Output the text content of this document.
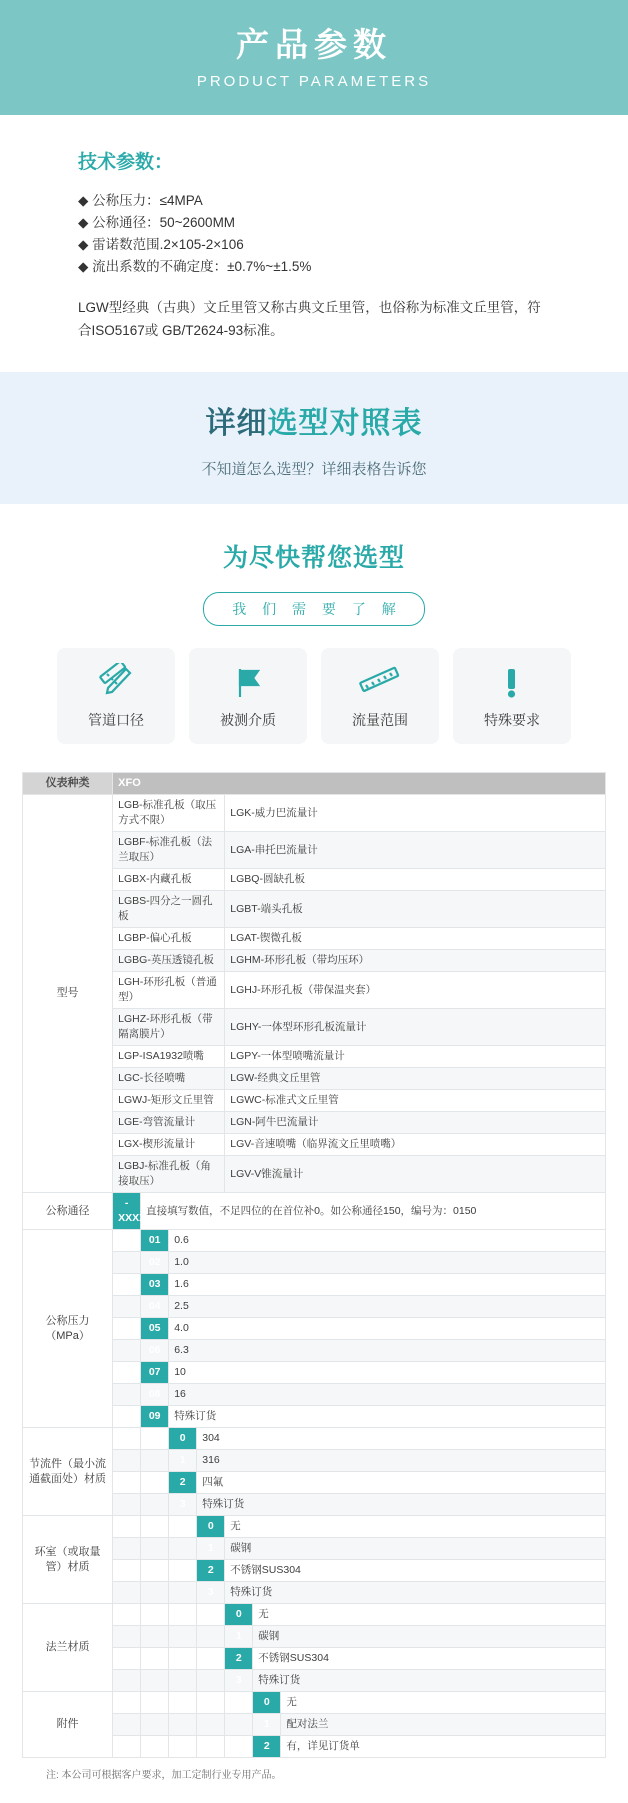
产品参数
PRODUCT PARAMETERS
技术参数：
◆ 公称压力：≤4MPA
◆ 公称通径：50~2600MM
◆ 雷诺数范围.2×105-2×106
◆ 流出系数的不确定度：±0.7%~±1.5%
LGW型经典（古典）文丘里管又称古典文丘里管，也俗称为标准文丘里管，符合ISO5167或 GB/T2624-93标准。
详细选型对照表
不知道怎么选型？详细表格告诉您
为尽快帮您选型
我 们 需 要 了 解
管道口径	被测介质	流量范围	特殊要求
仪表种类	XFO						
型号	LGB-标准孔板（取压方式不限）				LGK-威力巴流量计		
	LGBF-标准孔板（法兰取压）				LGA-串托巴流量计		
	LGBX-内藏孔板				LGBQ-圆缺孔板		
	LGBS-四分之一圆孔板				LGBT-端头孔板		
	LGBP-偏心孔板				LGAT-锲微孔板		
	LGBG-英压透镜孔板				LGHM-环形孔板（带均压环）		
	LGH-环形孔板（普通型）				LGHJ-环形孔板（带保温夹套）		
	LGHZ-环形孔板（带隔离膜片）				LGHY-一体型环形孔板流量计		
	LGP-ISA1932喷嘴				LGPY-一体型喷嘴流量计		
	LGC-长径喷嘴				LGW-经典文丘里管		
	LGWJ-矩形文丘里管				LGWC-标准式文丘里管		
	LGE-弯管流量计				LGN-阿牛巴流量计		
	LGX-楔形流量计				LGV-音速喷嘴（临界流文丘里喷嘴）		
	LGBJ-标准孔板（角接取压）				LGV-V锥流量计		
公称通径	-XXXX	直接填写数值，不足四位的在首位补0。如公称通径150，编号为：0150					
公称压力（MPa）		01	0.6				
		02	1.0				
		03	1.6				
		04	2.5				
		05	4.0				
		06	6.3				
		07	10				
		08	16				
		09	特殊订货				
节流件（最小流通截面处）材质			0	304			
			1	316			
			2	四氟			
			3	特殊订货			
环室（或取量管）材质				0	无		
				1	碳钢		
				2	不锈钢SUS304		
				3	特殊订货		
法兰材质					0	无	
					1	碳钢	
					2	不锈钢SUS304	
					3	特殊订货	
附件						0	无
						1	配对法兰
						2	有，详见订货单
注: 本公司可根据客户要求，加工定制行业专用产品。
